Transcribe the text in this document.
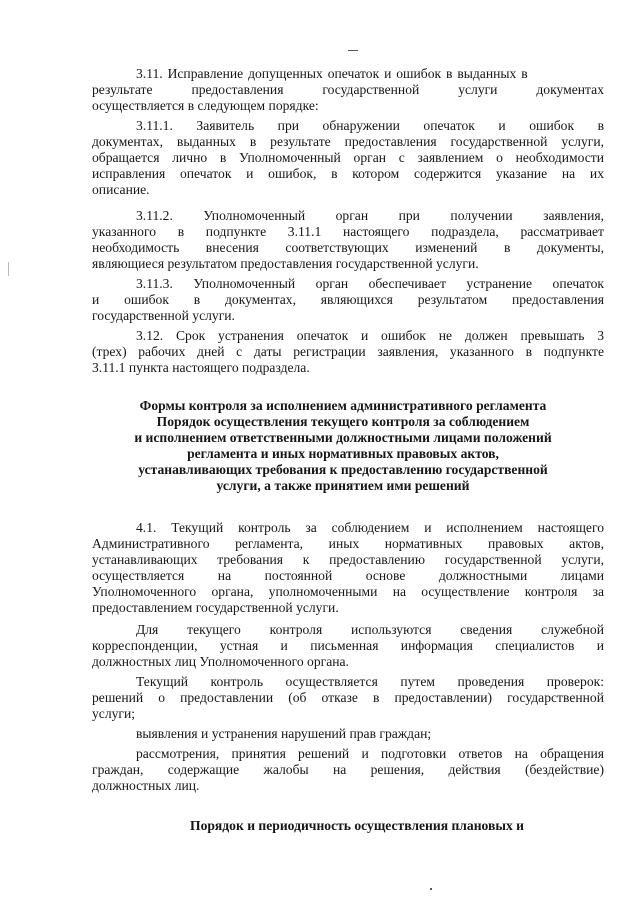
3.11. Исправление допущенных опечаток и ошибок в выданных в
результате предоставления государственной услуги документах
осуществляется в следующем порядке:
3.11.1. Заявитель при обнаружении опечаток и ошибок в
документах, выданных в результате предоставления государственной услуги,
обращается лично в Уполномоченный орган с заявлением о необходимости
исправления опечаток и ошибок, в котором содержится указание на их
описание.
3.11.2. Уполномоченный орган при получении заявления,
указанного в подпункте 3.11.1 настоящего подраздела, рассматривает
необходимость внесения соответствующих изменений в документы,
являющиеся результатом предоставления государственной услуги.
3.11.3. Уполномоченный орган обеспечивает устранение опечаток
и ошибок в документах, являющихся результатом предоставления
государственной услуги.
3.12. Срок устранения опечаток и ошибок не должен превышать 3
(трех) рабочих дней с даты регистрации заявления, указанного в подпункте
3.11.1 пункта настоящего подраздела.
Формы контроля за исполнением административного регламента
Порядок осуществления текущего контроля за соблюдением
и исполнением ответственными должностными лицами положений
регламента и иных нормативных правовых актов,
устанавливающих требования к предоставлению государственной
услуги, а также принятием ими решений
4.1. Текущий контроль за соблюдением и исполнением настоящего
Административного регламента, иных нормативных правовых актов,
устанавливающих требования к предоставлению государственной услуги,
осуществляется на постоянной основе должностными лицами
Уполномоченного органа, уполномоченными на осуществление контроля за
предоставлением государственной услуги.
Для текущего контроля используются сведения служебной
корреспонденции, устная и письменная информация специалистов и
должностных лиц Уполномоченного органа.
Текущий контроль осуществляется путем проведения проверок:
решений о предоставлении (об отказе в предоставлении) государственной
услуги;
выявления и устранения нарушений прав граждан;
рассмотрения, принятия решений и подготовки ответов на обращения
граждан, содержащие жалобы на решения, действия (бездействие)
должностных лиц.
Порядок и периодичность осуществления плановых и
